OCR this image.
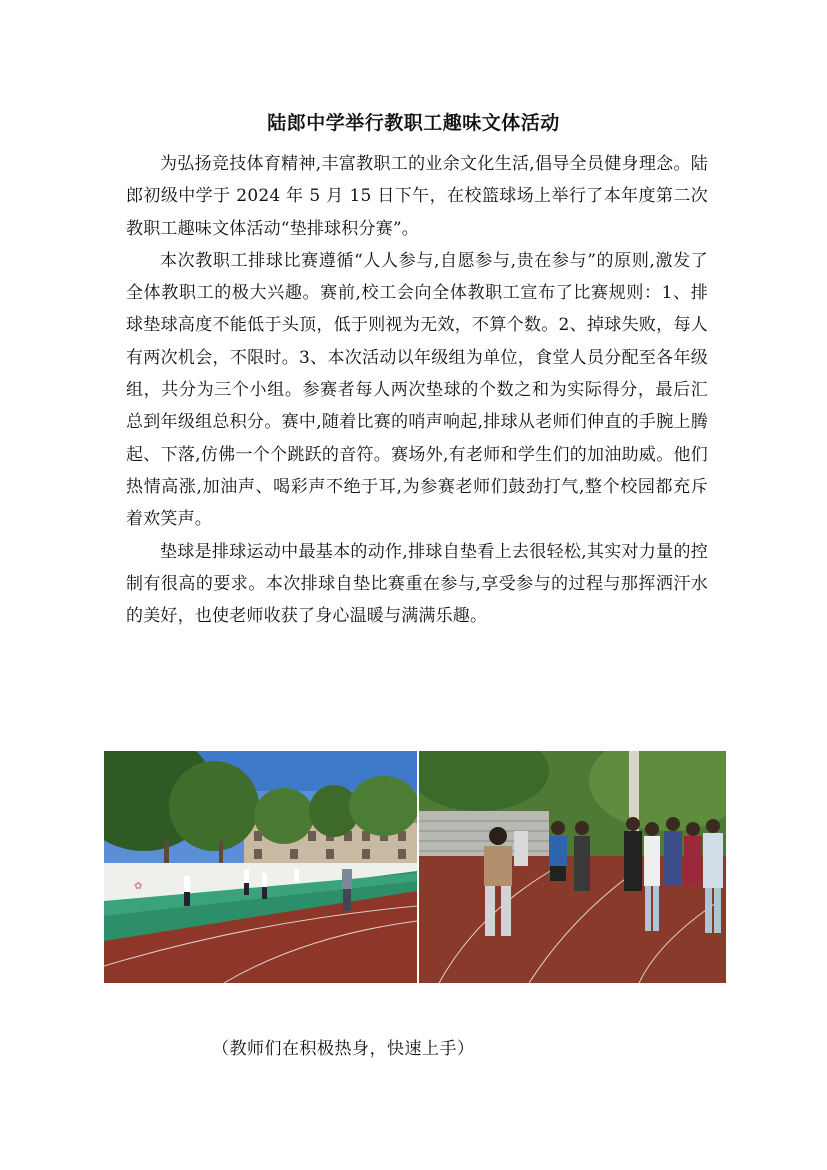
陆郎中学举行教职工趣味文体活动

为弘扬竞技体育精神,丰富教职工的业余文化生活,倡导全员健身理念。陆郎初级中学于 2024 年 5 月 15 日下午，在校篮球场上举行了本年度第二次教职工趣味文体活动“垫排球积分赛”。

本次教职工排球比赛遵循“人人参与,自愿参与,贵在参与”的原则,激发了全体教职工的极大兴趣。赛前,校工会向全体教职工宣布了比赛规则：1、排球垫球高度不能低于头顶，低于则视为无效，不算个数。2、掉球失败，每人有两次机会，不限时。3、本次活动以年级组为单位，食堂人员分配至各年级组，共分为三个小组。参赛者每人两次垫球的个数之和为实际得分，最后汇总到年级组总积分。赛中,随着比赛的哨声响起,排球从老师们伸直的手腕上腾起、下落,仿佛一个个跳跃的音符。赛场外,有老师和学生们的加油助威。他们热情高涨,加油声、喝彩声不绝于耳,为参赛老师们鼓劲打气,整个校园都充斥着欢笑声。

垫球是排球运动中最基本的动作,排球自垫看上去很轻松,其实对力量的控制有很高的要求。本次排球自垫比赛重在参与,享受参与的过程与那挥洒汗水的美好，也使老师收获了身心温暖与满满乐趣。

✿
（教师们在积极热身，快速上手）
